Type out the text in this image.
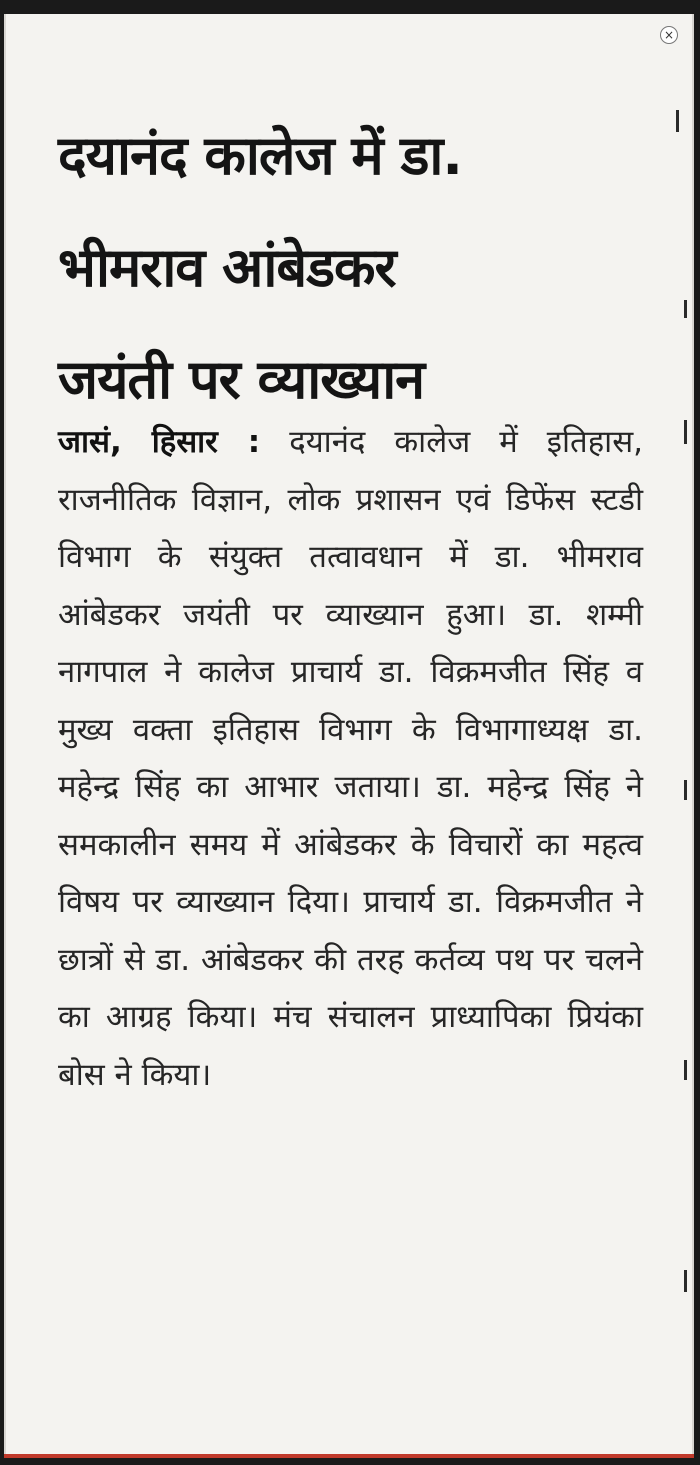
×
दयानंद कालेज में डा.
भीमराव आंबेडकर
जयंती पर व्याख्यान

जासं, हिसार : दयानंद कालेज में इतिहास, राजनीतिक विज्ञान, लोक प्रशासन एवं डिफेंस स्टडी विभाग के संयुक्त तत्वावधान में डा. भीमराव आंबेडकर जयंती पर व्याख्यान हुआ। डा. शम्मी नागपाल ने कालेज प्राचार्य डा. विक्रमजीत सिंह व मुख्य वक्ता इतिहास विभाग के विभागाध्यक्ष डा. महेन्द्र सिंह का आभार जताया। डा. महेन्द्र सिंह ने समकालीन समय में आंबेडकर के विचारों का महत्व विषय पर व्याख्यान दिया। प्राचार्य डा. विक्रमजीत ने छात्रों से डा. आंबेडकर की तरह कर्तव्य पथ पर चलने का आग्रह किया। मंच संचालन प्राध्यापिका प्रियंका बोस ने किया।
